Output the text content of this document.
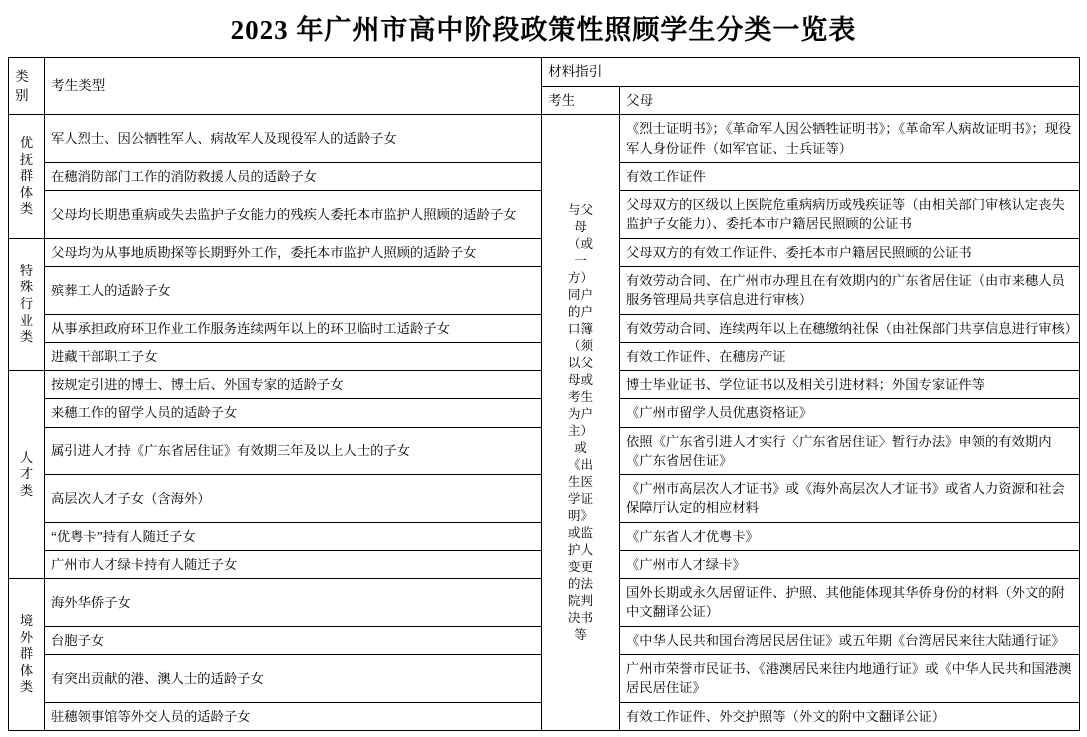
2023 年广州市高中阶段政策性照顾学生分类一览表
类别	考生类型	材料指引	
		考生	父母

优抚群体类	军人烈士、因公牺牲军人、病故军人及现役军人的适龄子女	与父母（或一方）同户的户口簿（须以父母或考生为户主）或《出生医学证明》或监护人变更的法院判决书等	《烈士证明书》；《革命军人因公牺牲证明书》；《革命军人病故证明书》；现役军人身份证件（如军官证、士兵证等）
	在穗消防部门工作的消防救援人员的适龄子女		有效工作证件
	父母均长期患重病或失去监护子女能力的残疾人委托本市监护人照顾的适龄子女		父母双方的区级以上医院危重病病历或残疾证等（由相关部门审核认定丧失监护子女能力）、委托本市户籍居民照顾的公证书

特殊行业类	父母均为从事地质勘探等长期野外工作，委托本市监护人照顾的适龄子女		父母双方的有效工作证件、委托本市户籍居民照顾的公证书
	殡葬工人的适龄子女		有效劳动合同、在广州市办理且在有效期内的广东省居住证（由市来穗人员服务管理局共享信息进行审核）
	从事承担政府环卫作业工作服务连续两年以上的环卫临时工适龄子女		有效劳动合同、连续两年以上在穗缴纳社保（由社保部门共享信息进行审核）
	进藏干部职工子女		有效工作证件、在穗房产证

人才类	按规定引进的博士、博士后、外国专家的适龄子女		博士毕业证书、学位证书以及相关引进材料；外国专家证件等
	来穗工作的留学人员的适龄子女		《广州市留学人员优惠资格证》
	属引进人才持《广东省居住证》有效期三年及以上人士的子女		依照《广东省引进人才实行〈广东省居住证〉暂行办法》申领的有效期内《广东省居住证》
	高层次人才子女（含海外）		《广州市高层次人才证书》或《海外高层次人才证书》或省人力资源和社会保障厅认定的相应材料
	“优粤卡”持有人随迁子女		《广东省人才优粤卡》
	广州市人才绿卡持有人随迁子女		《广州市人才绿卡》

境外群体类	海外华侨子女		国外长期或永久居留证件、护照、其他能体现其华侨身份的材料（外文的附中文翻译公证）
	台胞子女		《中华人民共和国台湾居民居住证》或五年期《台湾居民来往大陆通行证》
	有突出贡献的港、澳人士的适龄子女		广州市荣誉市民证书、《港澳居民来往内地通行证》或《中华人民共和国港澳居民居住证》
	驻穗领事馆等外交人员的适龄子女		有效工作证件、外交护照等（外文的附中文翻译公证）
